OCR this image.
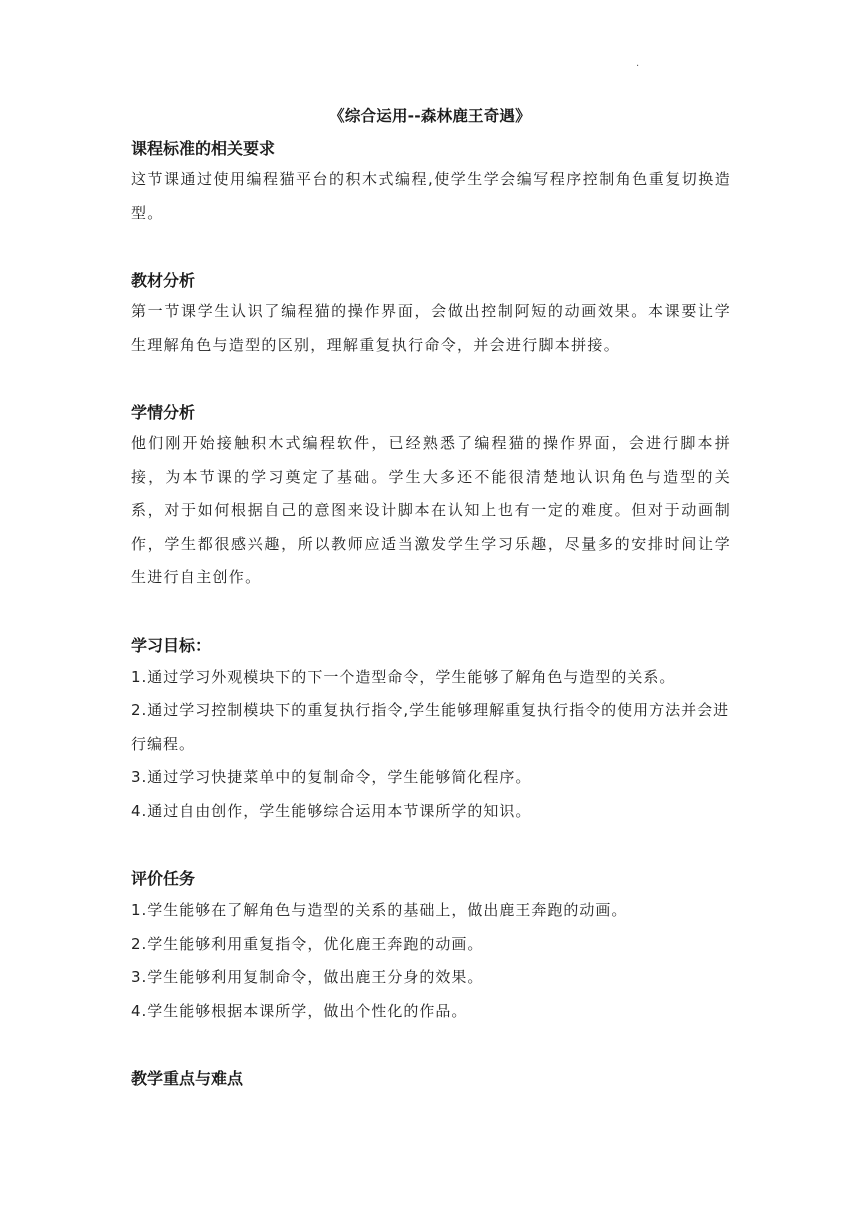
.
《综合运用--森林鹿王奇遇》

课程标准的相关要求

这节课通过使用编程猫平台的积木式编程,使学生学会编写程序控制角色重复切换造型。

教材分析

第一节课学生认识了编程猫的操作界面，会做出控制阿短的动画效果。本课要让学生理解角色与造型的区别，理解重复执行命令，并会进行脚本拼接。

学情分析

他们刚开始接触积木式编程软件，已经熟悉了编程猫的操作界面，会进行脚本拼接，为本节课的学习奠定了基础。学生大多还不能很清楚地认识角色与造型的关系，对于如何根据自己的意图来设计脚本在认知上也有一定的难度。但对于动画制作，学生都很感兴趣，所以教师应适当激发学生学习乐趣，尽量多的安排时间让学生进行自主创作。

学习目标：

1.通过学习外观模块下的下一个造型命令，学生能够了解角色与造型的关系。

2.通过学习控制模块下的重复执行指令,学生能够理解重复执行指令的使用方法并会进行编程。

3.通过学习快捷菜单中的复制命令，学生能够简化程序。

4.通过自由创作，学生能够综合运用本节课所学的知识。

评价任务

1.学生能够在了解角色与造型的关系的基础上，做出鹿王奔跑的动画。

2.学生能够利用重复指令，优化鹿王奔跑的动画。

3.学生能够利用复制命令，做出鹿王分身的效果。

4.学生能够根据本课所学，做出个性化的作品。

教学重点与难点
